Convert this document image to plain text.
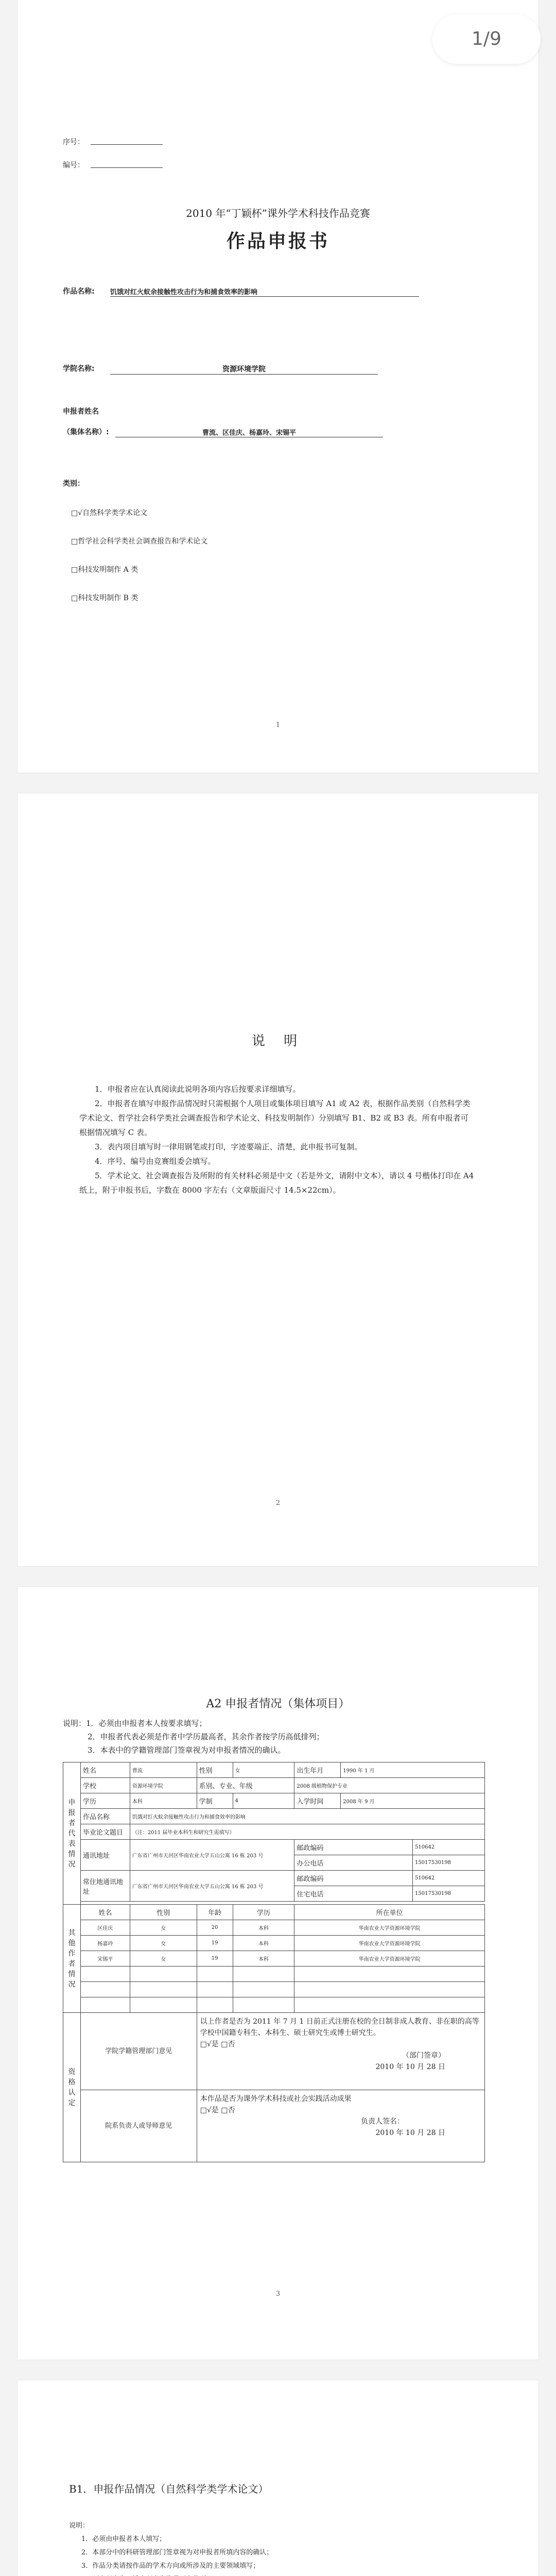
1/9
序号：
编号：
2010 年“丁颖杯”课外学术科技作品竞赛
作品申报书
作品名称: 饥饿对红火蚁余接触性攻击行为和捕食效率的影响
学院名称:	资源环境学院
申报者姓名
（集体名称）:	曹流、区佳庆、杨嘉玲、宋锡平
类别：
□√自然科学类学术论文
□哲学社会科学类社会调查报告和学术论文
□科技发明制作 A 类
□科技发明制作 B 类
1
说 明

1．申报者应在认真阅读此说明各项内容后按要求详细填写。

2．申报者在填写申报作品情况时只需根据个人项目或集体项目填写 A1 或 A2 表，根据作品类别（自然科学类学术论文、哲学社会科学类社会调查报告和学术论文、科技发明制作）分别填写 B1、B2 或 B3 表。所有申报者可根据情况填写 C 表。

3．表内项目填写时一律用钢笔或打印，字迹要端正、清楚，此申报书可复制。

4．序号、编号由竞赛组委会填写。

5．学术论文、社会调查报告及所附的有关材料必须是中文（若是外文，请附中文本），请以 4 号楷体打印在 A4 纸上，附于申报书后，字数在 8000 字左右（文章版面尺寸 14.5×22cm）。

2
A2 申报者情况（集体项目）
说明：1．必须由申报者本人按要求填写；
2．申报者代表必须是作者中学历最高者，其余作者按学历高低排列；
3．本表中的学籍管理部门签章视为对申报者情况的确认。
申报者代表情况	姓名	曹流	性别	女	出生年月	1990 年 1 月	
	学校	资源环境学院	系别、专业、年级		2008 级植物保护专业		
	学历	本科	学制	4	入学时间	2008 年 9 月	
	作品名称	饥饿对红火蚁余接触性攻击行为和捕食效率的影响					
	毕业论文题目	（注：2011 届毕业本科生和研究生需填写）					
	通讯地址	广东省广州市天河区华南农业大学五山公寓 16 栋 203 号			邮政编码		510642
					办公电话		15017530198
	常住地通讯地址	广东省广州市天河区华南农业大学五山公寓 16 栋 203 号			邮政编码		510642
					住宅电话		15017530198

其他作者情况	姓名	性别	年龄	学历	所在单位		
	区佳庆	女	20	本科	华南农业大学资源环境学院		
	杨嘉玲	女	19	本科	华南农业大学资源环境学院		
	宋锡平	女	19	本科	华南农业大学资源环境学院		

资格认定	学院学籍管理部门意见		以上作者是否为 2011 年 7 月 1 日前正式注册在校的全日制非成人教育、非在职的高等学校中国籍专科生、本科生、硕士研究生或博士研究生。
□√是 □否
（部门签章）
2010 年 10 月 28 日				

	院系负责人或导师意见		本作品是否为课外学术科技或社会实践活动成果
□√是 □否
负责人签名：
2010 年 10 月 28 日				
3
B1．申报作品情况（自然科学类学术论文）
说明：
1．必须由申报者本人填写；
2．本部分中的科研管理部门签章视为对申报者所填内容的确认；
3．作品分类请按作品的学术方向或所涉及的主要领域填写；
